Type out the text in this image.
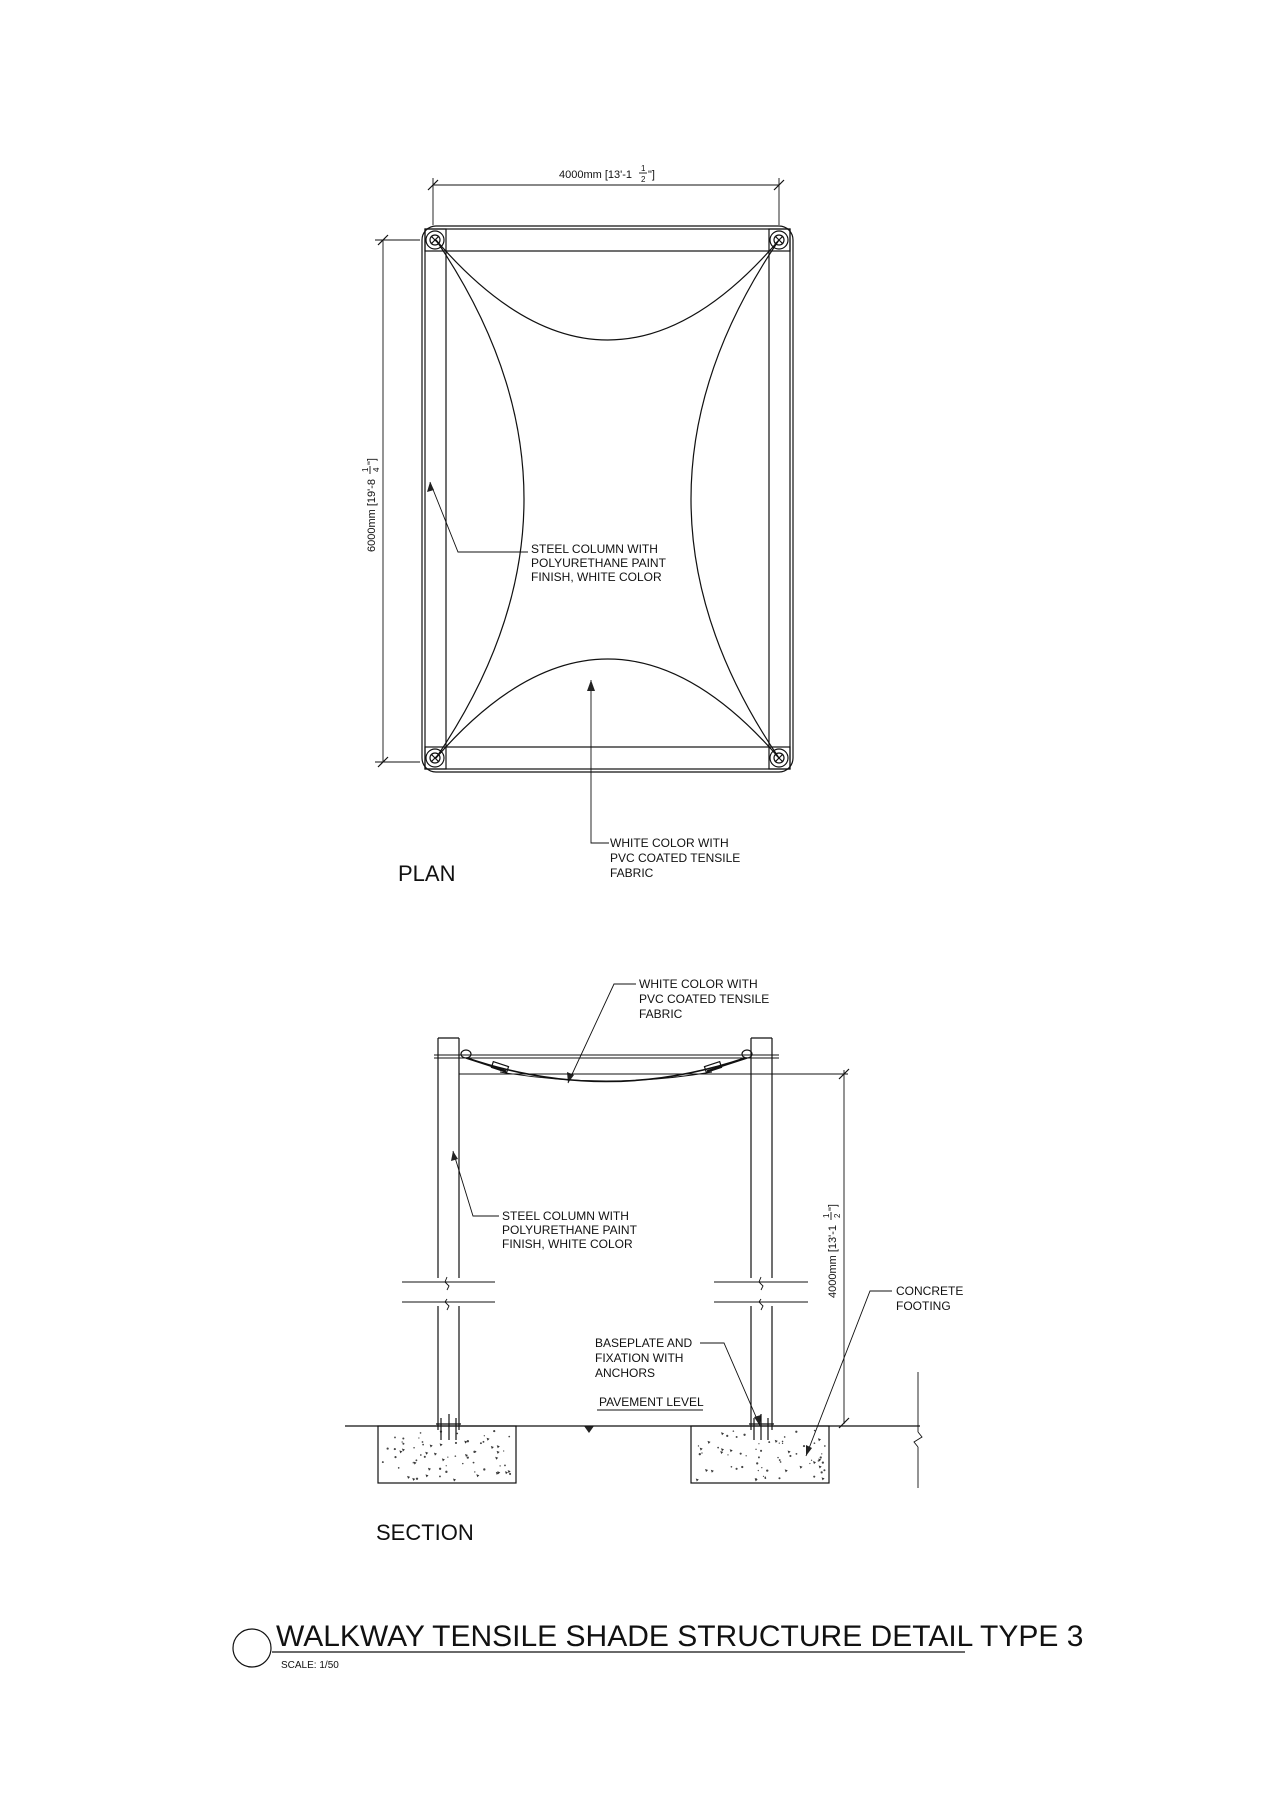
4000mm [13'-1
1
2 "]
6000mm [19'-8
1 4
"]
STEEL COLUMN WITH POLYURETHANE PAINT FINISH, WHITE COLOR
WHITE COLOR WITH PVC COATED TENSILE FABRIC
PLAN
WHITE COLOR WITH PVC COATED TENSILE FABRIC
STEEL COLUMN WITH POLYURETHANE PAINT FINISH, WHITE COLOR	4000mm [13'-1
1 2
"]
CONCRETE FOOTING
BASEPLATE AND FIXATION WITH ANCHORS
PAVEMENT LEVEL
SECTION
WALKWAY TENSILE SHADE STRUCTURE DETAIL TYPE 3
SCALE: 1/50
